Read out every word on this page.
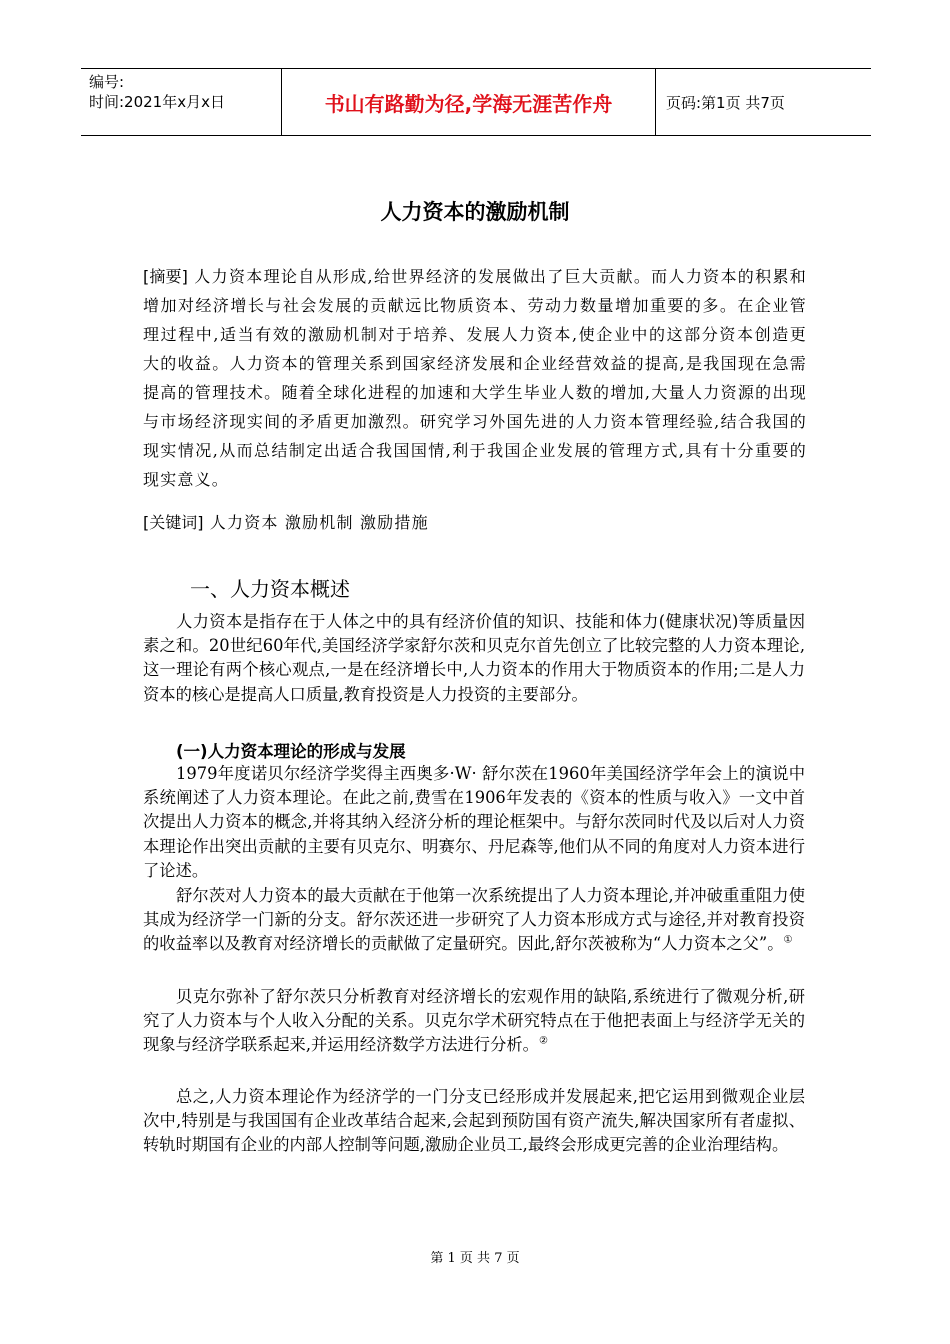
编号:
时间:2021年x月x日	书山有路勤为径,学海无涯苦作舟	页码:第1页 共7页
人力资本的激励机制

[摘要] 人力资本理论自从形成,给世界经济的发展做出了巨大贡献。而人力资本的积累和增加对经济增长与社会发展的贡献远比物质资本、劳动力数量增加重要的多。在企业管理过程中,适当有效的激励机制对于培养、发展人力资本,使企业中的这部分资本创造更大的收益。人力资本的管理关系到国家经济发展和企业经营效益的提高,是我国现在急需提高的管理技术。随着全球化进程的加速和大学生毕业人数的增加,大量人力资源的出现与市场经济现实间的矛盾更加激烈。研究学习外国先进的人力资本管理经验,结合我国的现实情况,从而总结制定出适合我国国情,利于我国企业发展的管理方式,具有十分重要的现实意义。

[关键词] 人力资本 激励机制 激励措施

一、人力资本概述

人力资本是指存在于人体之中的具有经济价值的知识、技能和体力(健康状况)等质量因素之和。20世纪60年代,美国经济学家舒尔茨和贝克尔首先创立了比较完整的人力资本理论,这一理论有两个核心观点,一是在经济增长中,人力资本的作用大于物质资本的作用;二是人力资本的核心是提高人口质量,教育投资是人力投资的主要部分。

(一)人力资本理论的形成与发展

1979年度诺贝尔经济学奖得主西奥多·W· 舒尔茨在1960年美国经济学年会上的演说中系统阐述了人力资本理论。在此之前,费雪在1906年发表的《资本的性质与收入》一文中首次提出人力资本的概念,并将其纳入经济分析的理论框架中。与舒尔茨同时代及以后对人力资本理论作出突出贡献的主要有贝克尔、明赛尔、丹尼森等,他们从不同的角度对人力资本进行了论述。

舒尔茨对人力资本的最大贡献在于他第一次系统提出了人力资本理论,并冲破重重阻力使其成为经济学一门新的分支。舒尔茨还进一步研究了人力资本形成方式与途径,并对教育投资的收益率以及教育对经济增长的贡献做了定量研究。因此,舒尔茨被称为“人力资本之父”。①

贝克尔弥补了舒尔茨只分析教育对经济增长的宏观作用的缺陷,系统进行了微观分析,研究了人力资本与个人收入分配的关系。贝克尔学术研究特点在于他把表面上与经济学无关的现象与经济学联系起来,并运用经济数学方法进行分析。②

总之,人力资本理论作为经济学的一门分支已经形成并发展起来,把它运用到微观企业层次中,特别是与我国国有企业改革结合起来,会起到预防国有资产流失,解决国家所有者虚拟、转轨时期国有企业的内部人控制等问题,激励企业员工,最终会形成更完善的企业治理结构。

第 1 页 共 7 页
